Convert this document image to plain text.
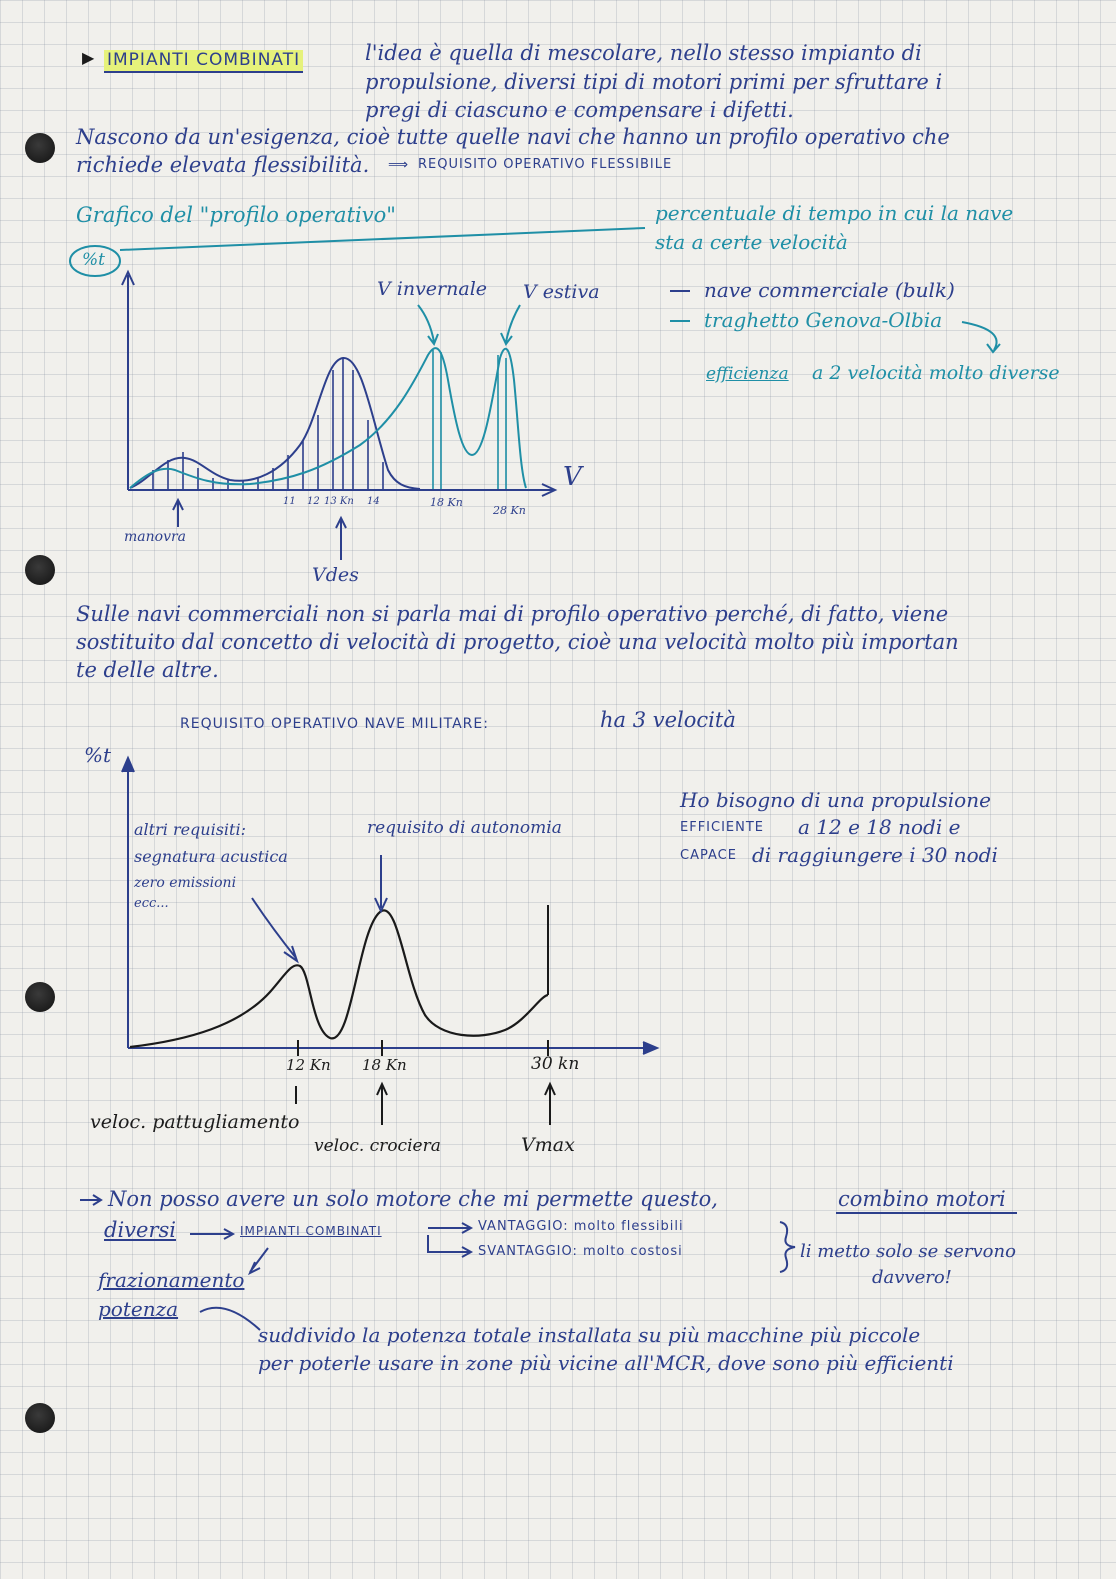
▶ IMPIANTI COMBINATI	l'idea è quella di mescolare, nello stesso impianto di
propulsione, diversi tipi di motori primi per sfruttare i
pregi di ciascuno e compensare i difetti.
Nascono da un'esigenza, cioè tutte quelle navi che hanno un profilo operativo che
richiede elevata flessibilità. ⟹ REQUISITO OPERATIVO FLESSIBILE
Grafico del "profilo operativo"	percentuale di tempo in cui la nave
sta a certe velocità
%t
V
V invernale V estiva
11 12 13 Kn 14	18 Kn
28 Kn
manovra
Vdes
nave commerciale (bulk)
traghetto Genova-Olbia
efficienza a 2 velocità molto diverse
Sulle navi commerciali non si parla mai di profilo operativo perché, di fatto, viene
sostituito dal concetto di velocità di progetto, cioè una velocità molto più importan
te delle altre.
REQUISITO OPERATIVO NAVE MILITARE:	ha 3 velocità
%t
altri requisiti:
segnatura acustica
zero emissioni
ecc...
requisito di autonomia
12 Kn 18 Kn	30 kn
veloc. pattugliamento
veloc. crociera	Vmax
Ho bisogno di una propulsione
EFFICIENTE a 12 e 18 nodi e
CAPACE di raggiungere i 30 nodi
Non posso avere un solo motore che mi permette questo,	combino motori
diversi	IMPIANTI COMBINATI	VANTAGGIO: molto flessibili
SVANTAGGIO: molto costosi	li metto solo se servono
davvero!
frazionamento
potenza
suddivido la potenza totale installata su più macchine più piccole
per poterle usare in zone più vicine all'MCR, dove sono più efficienti
